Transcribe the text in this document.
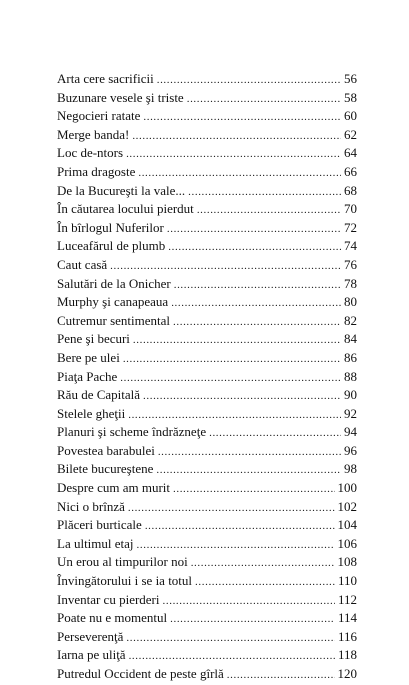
Arta cere sacrificii .....	56
Buzunare vesele şi triste .....	58
Negocieri ratate .....	60
Merge banda! .....	62
Loc de-ntors .....	64
Prima dragoste .....	66
De la Bucureşti la vale... .....	68
În căutarea locului pierdut .....	70
În bîrlogul Nuferilor .....	72
Luceafărul de plumb .....	74
Caut casă .....	76
Salutări de la Onicher .....	78
Murphy şi canapeaua .....	80
Cutremur sentimental .....	82
Pene şi becuri .....	84
Bere pe ulei .....	86
Piaţa Pache .....	88
Rău de Capitală .....	90
Stelele gheţii .....	92
Planuri şi scheme îndrăzneţe .....	94
Povestea barabulei .....	96
Bilete bucureştene .....	98
Despre cum am murit .....	100
Nici o brînză .....	102
Plăceri burticale .....	104
La ultimul etaj .....	106
Un erou al timpurilor noi .....	108
Învingătorului i se ia totul .....	110
Inventar cu pierderi .....	112
Poate nu e momentul .....	114
Perseverenţă .....	116
Iarna pe uliţă .....	118
Putredul Occident de peste gîrlă .....	120
